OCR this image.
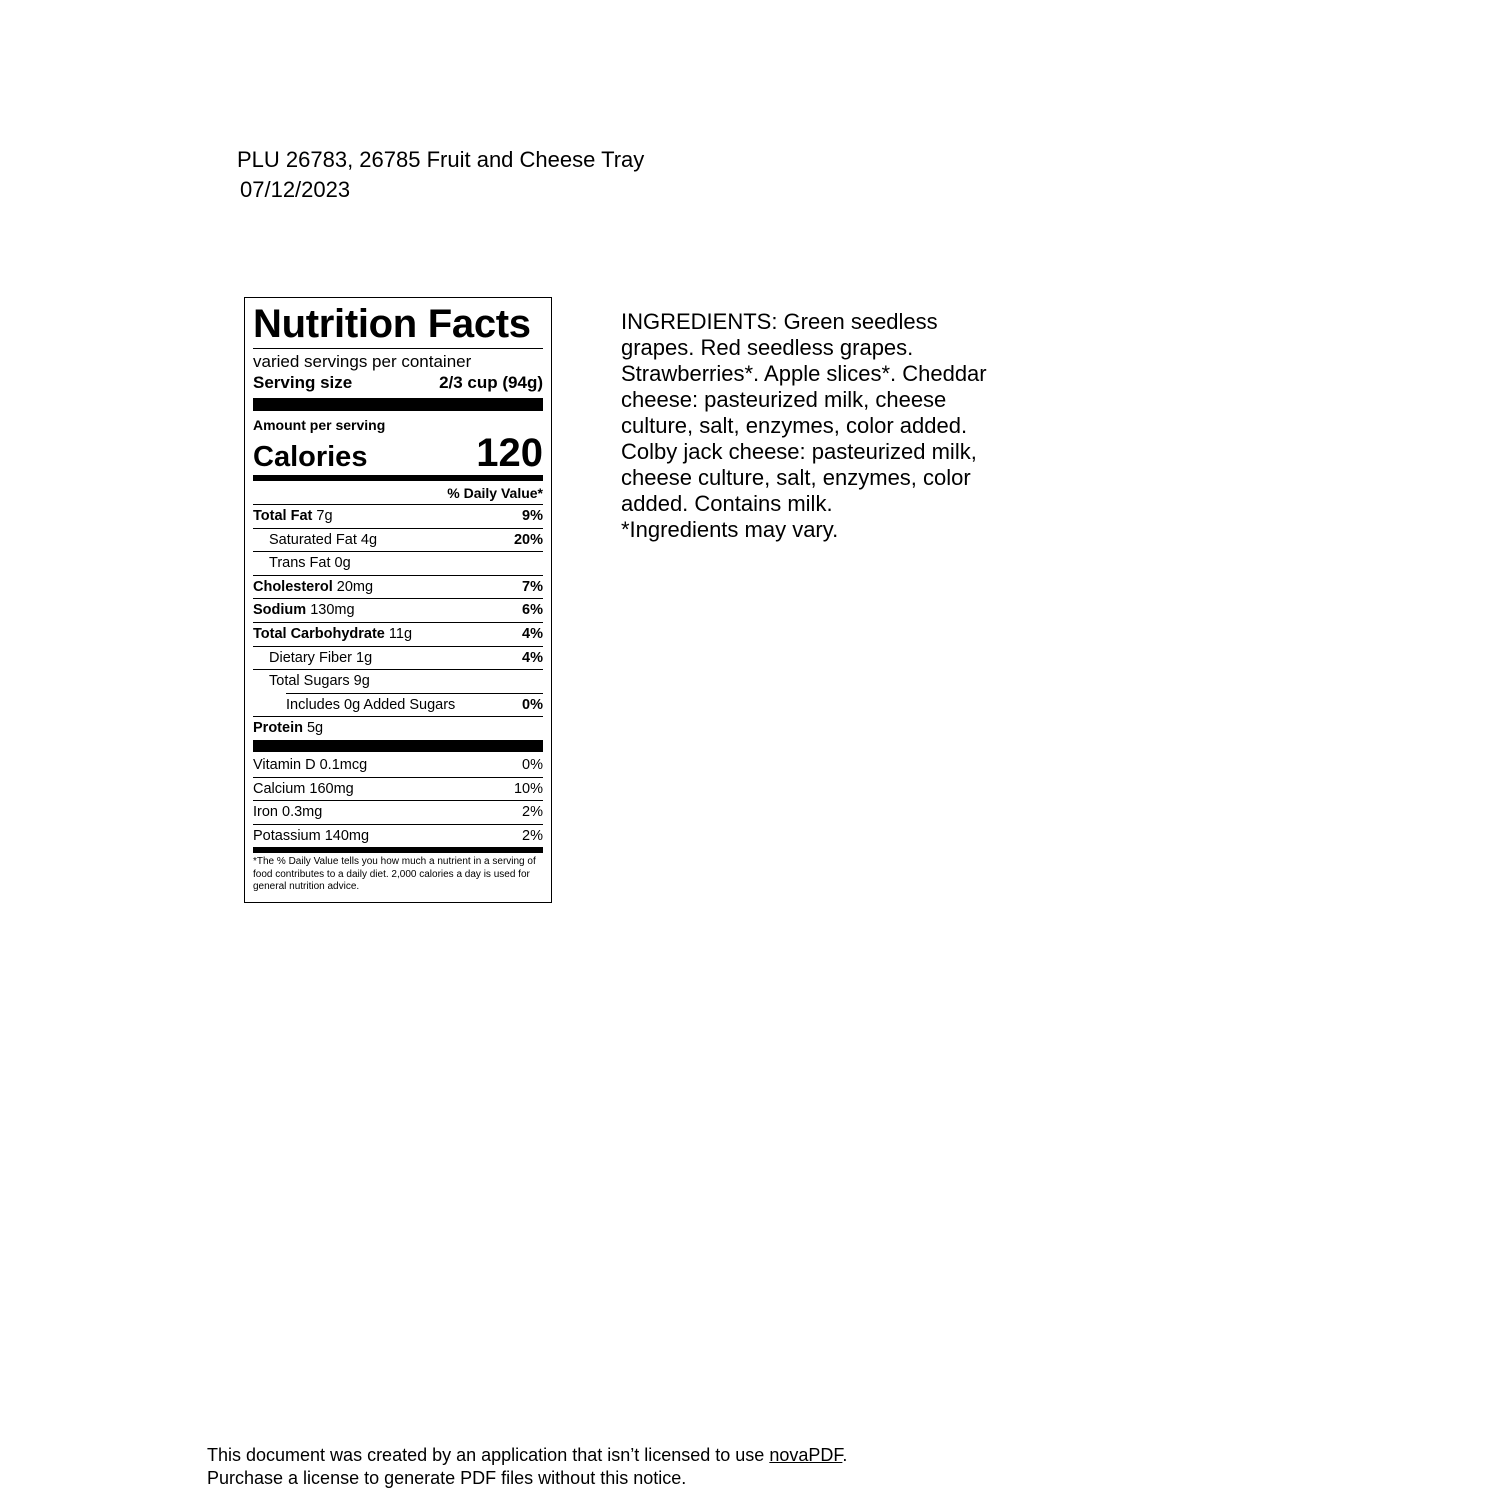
PLU 26783, 26785 Fruit and Cheese Tray
07/12/2023
Nutrition Facts
varied servings per container
Serving size	2/3 cup (94g)
Amount per serving
Calories	120
% Daily Value*
Total Fat 7g	9%
Saturated Fat 4g	20%
Trans Fat 0g
Cholesterol 20mg	7%
Sodium 130mg	6%
Total Carbohydrate 11g	4%
Dietary Fiber 1g	4%
Total Sugars 9g
Includes 0g Added Sugars	0%
Protein 5g
Vitamin D 0.1mcg	0%
Calcium 160mg	10%
Iron 0.3mg	2%
Potassium 140mg	2%
*The % Daily Value tells you how much a nutrient in a serving of food contributes to a daily diet. 2,000 calories a day is used for general nutrition advice.

INGREDIENTS: Green seedless grapes. Red seedless grapes. Strawberries*. Apple slices*. Cheddar cheese: pasteurized milk, cheese culture, salt, enzymes, color added. Colby jack cheese: pasteurized milk, cheese culture, salt, enzymes, color added. Contains milk.

*Ingredients may vary.

This document was created by an application that isn’t licensed to use novaPDF.
Purchase a license to generate PDF files without this notice.
